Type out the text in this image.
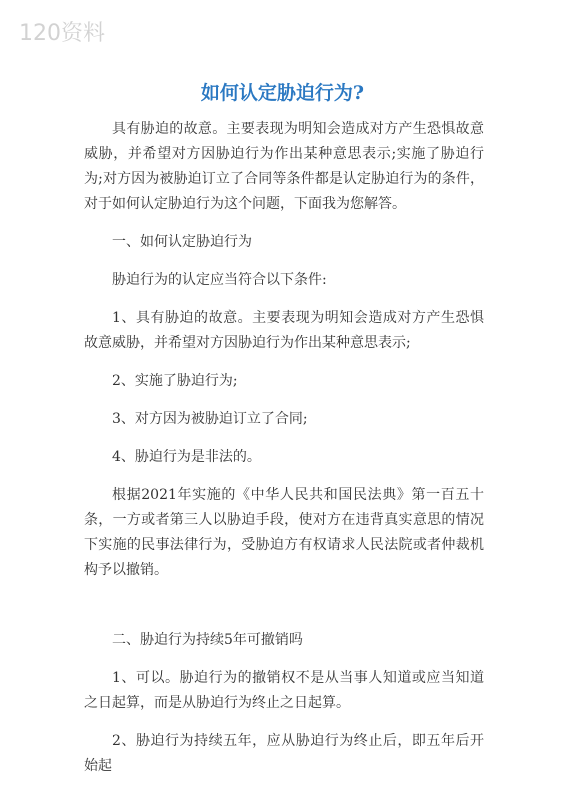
120资料
如何认定胁迫行为?

具有胁迫的故意。主要表现为明知会造成对方产生恐惧故意威胁，并希望对方因胁迫行为作出某种意思表示;实施了胁迫行为;对方因为被胁迫订立了合同等条件都是认定胁迫行为的条件，对于如何认定胁迫行为这个问题，下面我为您解答。

一、如何认定胁迫行为

胁迫行为的认定应当符合以下条件:

1、具有胁迫的故意。主要表现为明知会造成对方产生恐惧故意威胁，并希望对方因胁迫行为作出某种意思表示;

2、实施了胁迫行为;

3、对方因为被胁迫订立了合同;

4、胁迫行为是非法的。

根据2021年实施的《中华人民共和国民法典》第一百五十条，一方或者第三人以胁迫手段，使对方在违背真实意思的情况下实施的民事法律行为，受胁迫方有权请求人民法院或者仲裁机构予以撤销。

二、胁迫行为持续5年可撤销吗

1、可以。胁迫行为的撤销权不是从当事人知道或应当知道之日起算，而是从胁迫行为终止之日起算。

2、胁迫行为持续五年，应从胁迫行为终止后，即五年后开始起
